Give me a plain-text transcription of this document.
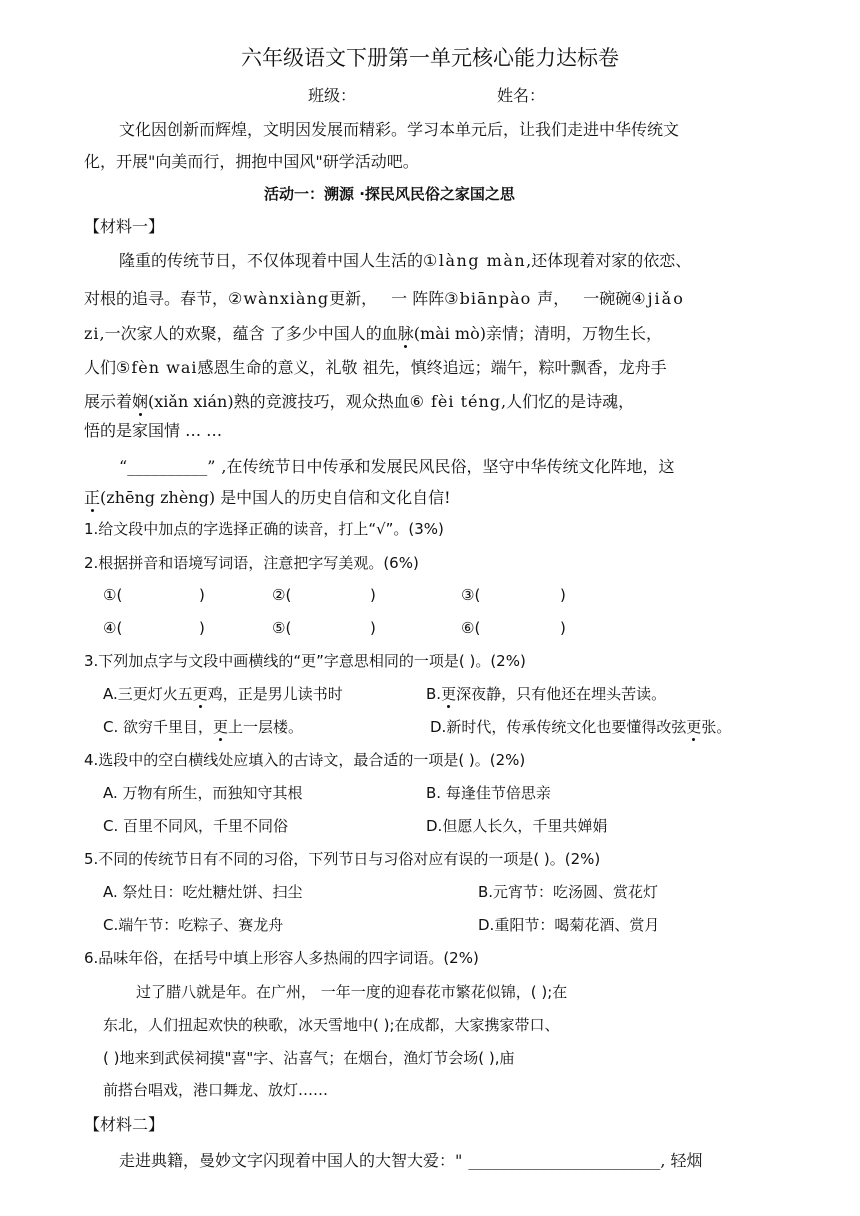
六年级语文下册第一单元核心能力达标卷
班级：	姓名：
文化因创新而辉煌，文明因发展而精彩。学习本单元后，让我们走进中华传统文
化，开展"向美而行，拥抱中国风"研学活动吧。
活动一：溯源 ·探民风民俗之家国之思
【材料一】
隆重的传统节日，不仅体现着中国人生活的①làng màn,还体现着对家的依恋、
对根的追寻。春节，②wànxiàng更新， 一 阵阵③biānpào 声， 一碗碗④jiǎo
zi,一次家人的欢聚，蕴含 了多少中国人的血脉(mài mò)亲情；清明，万物生长，
人们⑤fèn wai感恩生命的意义，礼敬 祖先，慎终追远；端午，粽叶飘香，龙舟手
展示着娴(xiǎn xián)熟的竞渡技巧，观众热血⑥ fèi téng,人们忆的是诗魂，
悟的是家国情 … …
“__________” ,在传统节日中传承和发展民风民俗，坚守中华传统文化阵地，这
正(zhēng zhèng) 是中国人的历史自信和文化自信!
1.给文段中加点的字选择正确的读音，打上“√”。(3%)
2.根据拼音和语境写词语，注意把字写美观。(6%)
①(	)	②(	)	③(	)
④(	)	⑤(	)	⑥(	)
3.下列加点字与文段中画横线的“更”字意思相同的一项是( )。(2%)
A.三更灯火五更鸡，正是男儿读书时	B.更深夜静，只有他还在埋头苦读。
C. 欲穷千里目，更上一层楼。	D.新时代，传承传统文化也要懂得改弦更张。
4.选段中的空白横线处应填入的古诗文，最合适的一项是( )。(2%)
A. 万物有所生，而独知守其根	B. 每逢佳节倍思亲
C. 百里不同风，千里不同俗	D.但愿人长久，千里共婵娟
5.不同的传统节日有不同的习俗，下列节日与习俗对应有误的一项是( )。(2%)
A. 祭灶日：吃灶糖灶饼、扫尘	B.元宵节：吃汤圆、赏花灯
C.端午节：吃粽子、赛龙舟	D.重阳节：喝菊花酒、赏月
6.品味年俗，在括号中填上形容人多热闹的四字词语。(2%)
过了腊八就是年。在广州， 一年一度的迎春花市繁花似锦，( );在
东北，人们扭起欢快的秧歌，冰天雪地中( );在成都，大家携家带口、
( )地来到武侯祠摸"喜"字、沾喜气；在烟台，渔灯节会场( ),庙
前搭台唱戏，港口舞龙、放灯……
【材料二】
走进典籍，曼妙文字闪现着中国人的大智大爱：" ________________________, 轻烟
